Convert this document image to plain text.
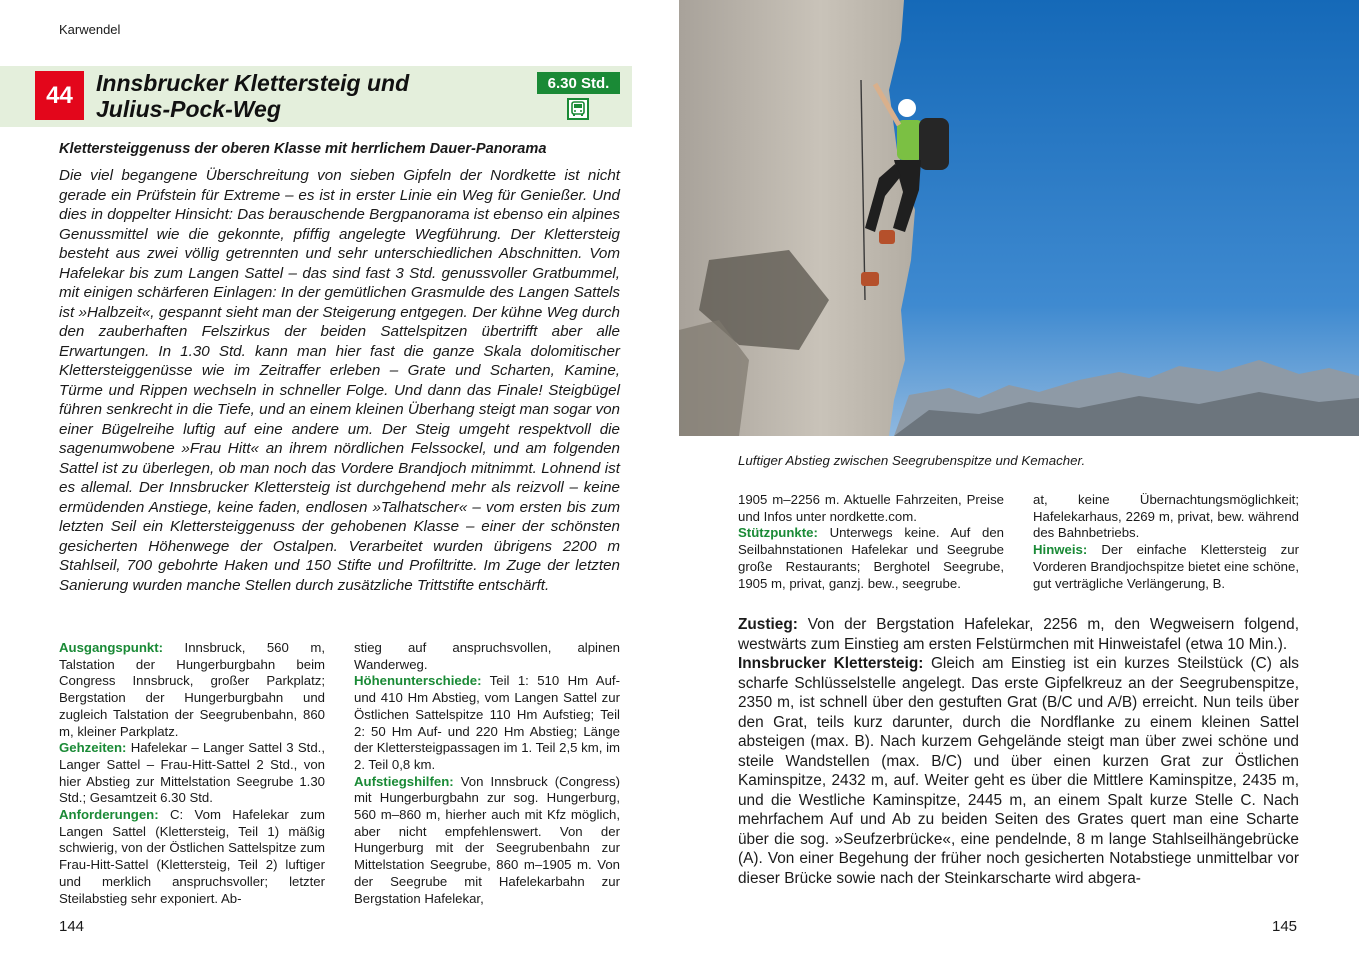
Karwendel
44	Innsbrucker Klettersteig und
Julius-Pock-Weg
6.30 Std.
Klettersteiggenuss der oberen Klasse mit herrlichem Dauer-Panorama

Die viel begangene Überschreitung von sieben Gipfeln der Nordkette ist nicht gerade ein Prüfstein für Extreme – es ist in erster Linie ein Weg für Genießer. Und dies in doppelter Hinsicht: Das berauschende Bergpanorama ist ebenso ein alpines Genussmittel wie die gekonnte, pfiffig angelegte Wegführung. Der Klettersteig besteht aus zwei völlig getrennten und sehr unterschiedlichen Abschnitten. Vom Hafelekar bis zum Langen Sattel – das sind fast 3 Std. genussvoller Gratbummel, mit einigen schärferen Einlagen: In der gemütlichen Grasmulde des Langen Sattels ist »Halbzeit«, gespannt sieht man der Steigerung entgegen. Der kühne Weg durch den zauberhaften Felszirkus der beiden Sattelspitzen übertrifft aber alle Erwartungen. In 1.30 Std. kann man hier fast die ganze Skala dolomitischer Klettersteiggenüsse wie im Zeitraffer erleben – Grate und Scharten, Kamine, Türme und Rippen wechseln in schneller Folge. Und dann das Finale! Steigbügel führen senkrecht in die Tiefe, und an einem kleinen Überhang steigt man sogar von einer Bügelreihe luftig auf eine andere um. Der Steig umgeht respektvoll die sagenumwobene »Frau Hitt« an ihrem nördlichen Felssockel, und am folgenden Sattel ist zu überlegen, ob man noch das Vordere Brandjoch mitnimmt. Lohnend ist es allemal. Der Innsbrucker Klettersteig ist durchgehend mehr als reizvoll – keine ermüdenden Anstiege, keine faden, endlosen »Talhatscher« – vom ersten bis zum letzten Seil ein Klettersteiggenuss der gehobenen Klasse – einer der schönsten gesicherten Höhenwege der Ostalpen. Verarbeitet wurden übrigens 2200 m Stahlseil, 700 gebohrte Haken und 150 Stifte und Profiltritte. Im Zuge der letzten Sanierung wurden manche Stellen durch zusätzliche Trittstifte entschärft.

Ausgangspunkt: Innsbruck, 560 m, Talstation der Hungerburgbahn beim Congress Innsbruck, großer Parkplatz; Bergstation der Hungerburgbahn und zugleich Talstation der Seegrubenbahn, 860 m, kleiner Parkplatz.

Gehzeiten: Hafelekar – Langer Sattel 3 Std., Langer Sattel – Frau-Hitt-Sattel 2 Std., von hier Abstieg zur Mittelstation Seegrube 1.30 Std.; Gesamtzeit 6.30 Std.

Anforderungen: C: Vom Hafelekar zum Langen Sattel (Klettersteig, Teil 1) mäßig schwierig, von der Östlichen Sattelspitze zum Frau-Hitt-Sattel (Klettersteig, Teil 2) luftiger und merklich anspruchsvoller; letzter Steilabstieg sehr exponiert. Ab-

stieg auf anspruchsvollen, alpinen Wanderweg.

Höhenunterschiede: Teil 1: 510 Hm Auf- und 410 Hm Abstieg, vom Langen Sattel zur Östlichen Sattelspitze 110 Hm Aufstieg; Teil 2: 50 Hm Auf- und 220 Hm Abstieg; Länge der Klettersteigpassagen im 1. Teil 2,5 km, im 2. Teil 0,8 km.

Aufstiegshilfen: Von Innsbruck (Congress) mit Hungerburgbahn zur sog. Hungerburg, 560 m–860 m, hierher auch mit Kfz möglich, aber nicht empfehlenswert. Von der Hungerburg mit der Seegrubenbahn zur Mittelstation Seegrube, 860 m–1905 m. Von der Seegrube mit Hafelekarbahn zur Bergstation Hafelekar,

144
Luftiger Abstieg zwischen Seegrubenspitze und Kemacher.

1905 m–2256 m. Aktuelle Fahrzeiten, Preise und Infos unter nordkette.com.

Stützpunkte: Unterwegs keine. Auf den Seilbahnstationen Hafelekar und Seegrube große Restaurants; Berghotel Seegrube, 1905 m, privat, ganzj. bew., seegrube.

at, keine Übernachtungsmöglichkeit; Hafelekarhaus, 2269 m, privat, bew. während des Bahnbetriebs.

Hinweis: Der einfache Klettersteig zur Vorderen Brandjochspitze bietet eine schöne, gut verträgliche Verlängerung, B.

Zustieg: Von der Bergstation Hafelekar, 2256 m, den Wegweisern folgend, westwärts zum Einstieg am ersten Felstürmchen mit Hinweistafel (etwa 10 Min.).
Innsbrucker Klettersteig: Gleich am Einstieg ist ein kurzes Steilstück (C) als scharfe Schlüsselstelle angelegt. Das erste Gipfelkreuz an der Seegrubenspitze, 2350 m, ist schnell über den gestuften Grat (B/C und A/B) erreicht. Nun teils über den Grat, teils kurz darunter, durch die Nordflanke zu einem kleinen Sattel absteigen (max. B). Nach kurzem Gehgelände steigt man über zwei schöne und steile Wandstellen (max. B/C) und über einen kurzen Grat zur Östlichen Kaminspitze, 2432 m, auf. Weiter geht es über die Mittlere Kaminspitze, 2435 m, und die Westliche Kaminspitze, 2445 m, an einem Spalt kurze Stelle C. Nach mehrfachem Auf und Ab zu beiden Seiten des Grates quert man eine Scharte über die sog. »Seufzerbrücke«, eine pendelnde, 8 m lange Stahlseilhängebrücke (A). Von einer Begehung der früher noch gesicherten Notabstiege unmittelbar vor dieser Brücke sowie nach der Steinkarscharte wird abgera-
145
